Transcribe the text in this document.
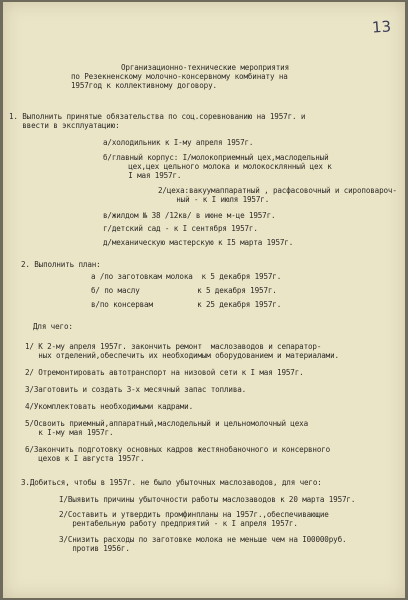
13
Организационно-технические мероприятия
по Резекненскому молочно-консервному комбинату на
1957год к коллективному договору.
1. Выполнить принятые обязательства по соц.соревнованию на 1957г. и
ввести в эксплуатацию:
а/холодильник к I-му апреля 1957г.
б/главный корпус: I/молокоприемный цех,маслодельный
цех,цех цельного молока и молокосклянный цех к
I мая 1957г.
2/цеха:вакуумаппаратный , расфасовочный и сироповароч-
ный - к I июля 1957г.
в/жилдом № 38 /12кв/ в июне м-це 1957г.
г/детский сад - к I сентября 1957г.
д/механическую мастерскую к I5 марта 1957г.
2. Выполнить план:
а /по заготовкам молока  к 5 декабря 1957г.
б/ по маслу             к 5 декабря 1957г.
в/по консервам          к 25 декабря 1957г.
Для чего:
1/ К 2-му апреля 1957г. закончить ремонт  маслозаводов и сепаратор-
ных отделений,обеспечить их необходимым оборудованием и материалами.
2/ Отремонтировать автотранспорт на низовой сети к I мая 1957г.
3/Заготовить и создать 3-х месячный запас топлива.
4/Укомплектовать необходимыми кадрами.
5/Освоить приемный,аппаратный,маслодельный и цельномолочный цеха
к I-му мая 1957г.
6/Закончить подготовку основных кадров жестянобаночного и консервного
цехов к I августа 1957г.
3.Добиться, чтобы в 1957г. не было убыточных маслозаводов, для чего:
I/Выявить причины убыточности работы маслозаводов к 20 марта 1957г.
2/Составить и утвердить промфинпланы на 1957г.,обеспечивающие
рентабельную работу предприятий - к I апреля 1957г.
3/Снизить расходы по заготовке молока не меньше чем на I00000руб.
против 1956г.
